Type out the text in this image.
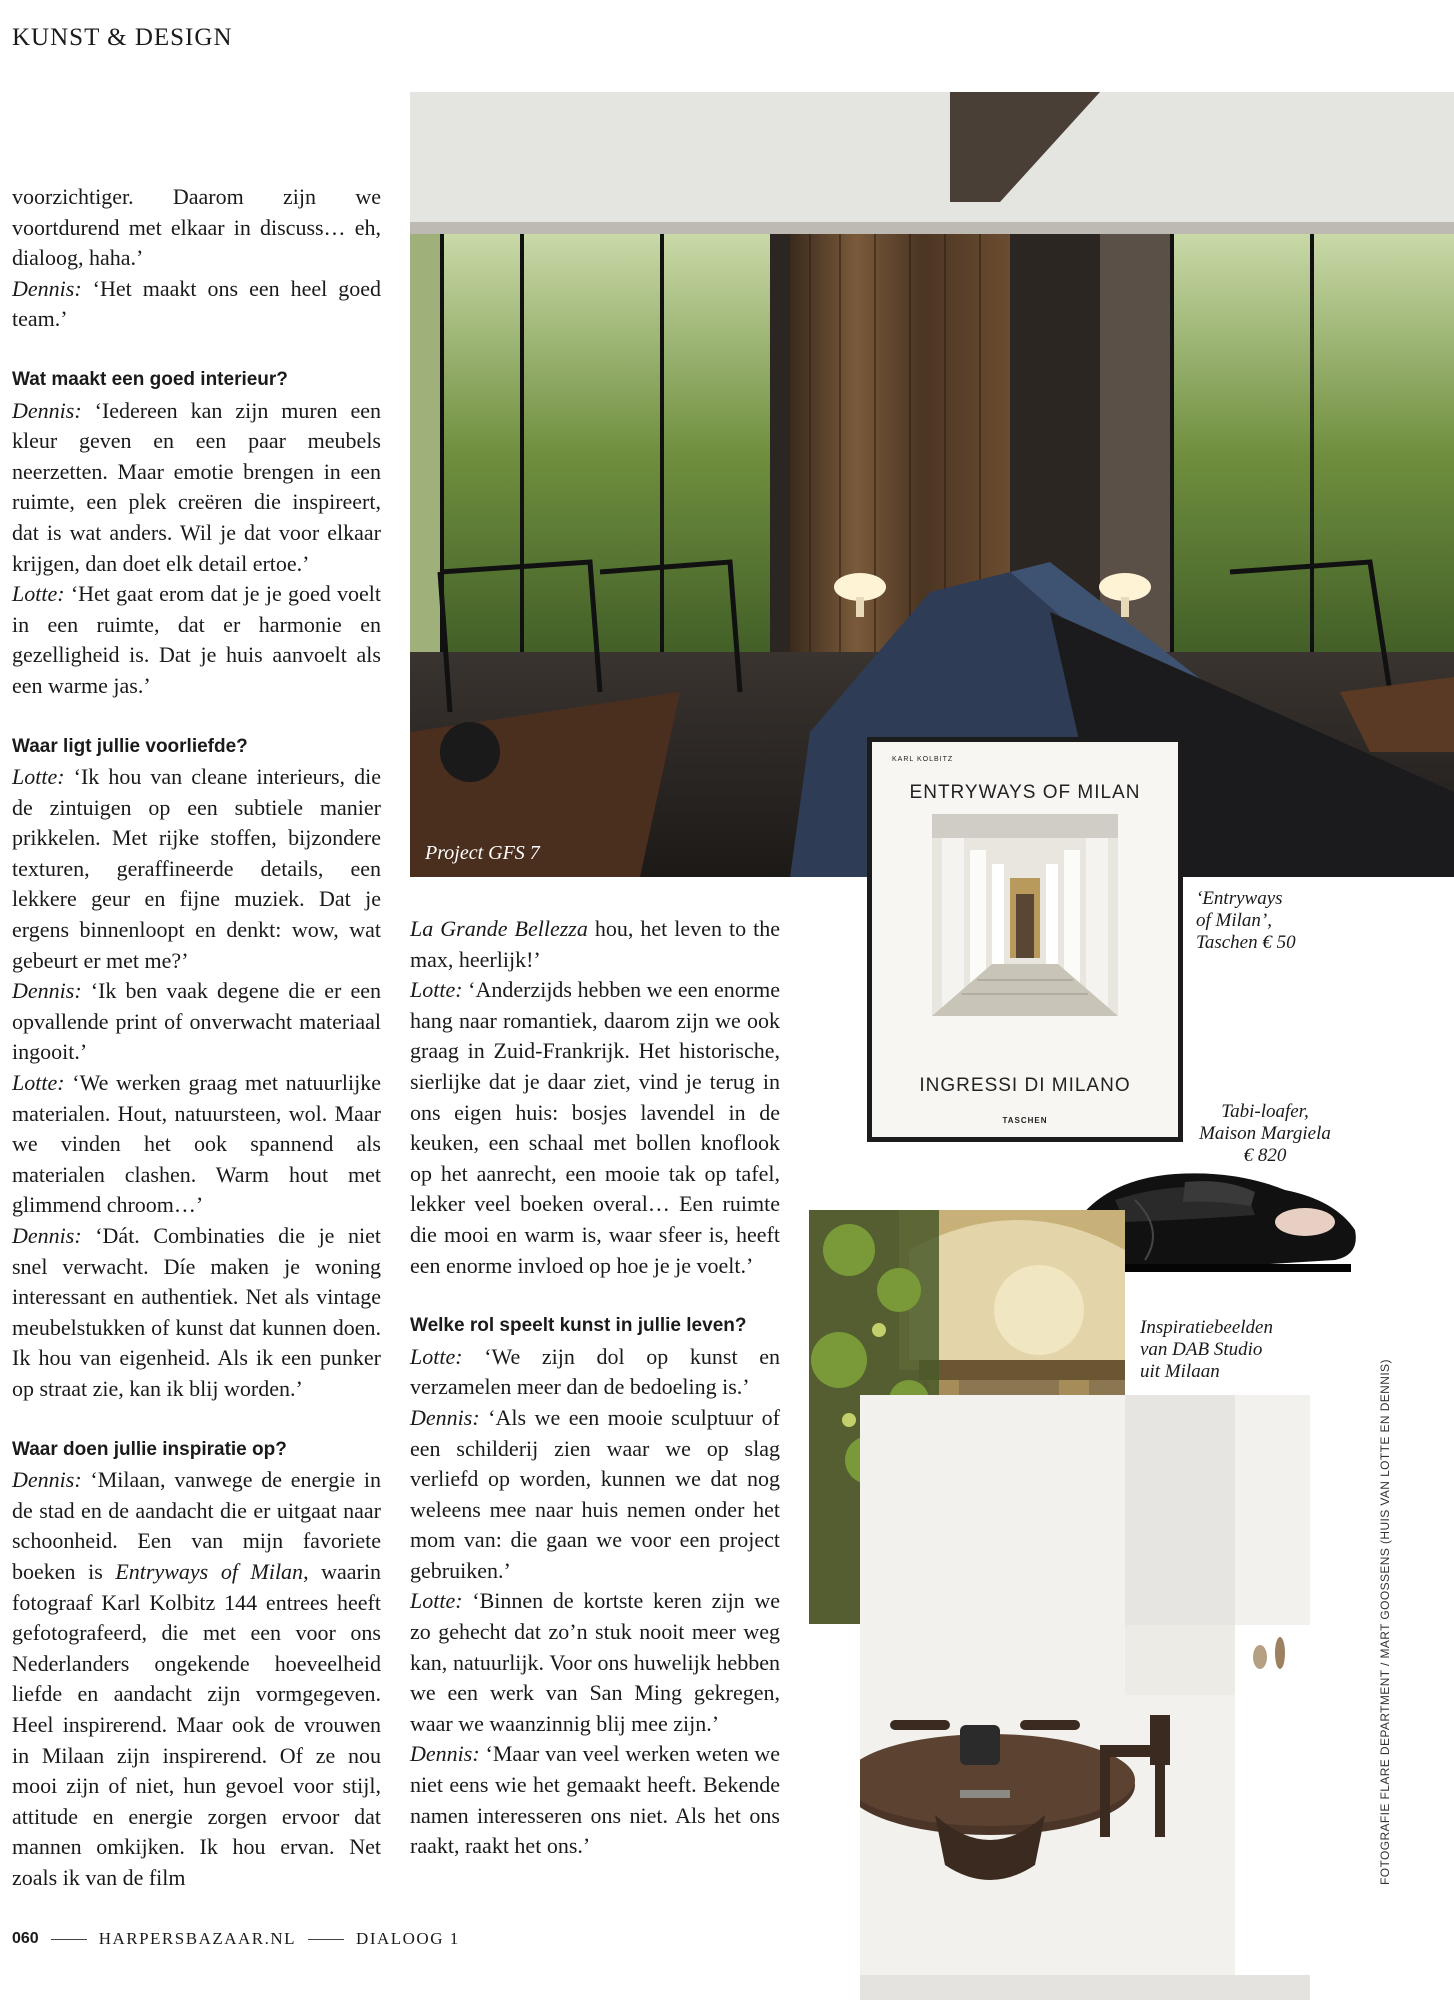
KUNST & DESIGN

voorzichtiger. Daarom zijn we voortdurend met elkaar in discuss… eh, dialoog, haha.’

Dennis: ‘Het maakt ons een heel goed team.’

Wat maakt een goed interieur?

Dennis: ‘Iedereen kan zijn muren een kleur geven en een paar meubels neerzetten. Maar emotie brengen in een ruimte, een plek creëren die inspireert, dat is wat anders. Wil je dat voor elkaar krijgen, dan doet elk detail ertoe.’

Lotte: ‘Het gaat erom dat je je goed voelt in een ruimte, dat er harmonie en gezelligheid is. Dat je huis aanvoelt als een warme jas.’

Waar ligt jullie voorliefde?

Lotte: ‘Ik hou van cleane interieurs, die de zintuigen op een subtiele manier prikkelen. Met rijke stoffen, bijzondere texturen, geraffineerde details, een lekkere geur en fijne muziek. Dat je ergens binnenloopt en denkt: wow, wat gebeurt er met me?’

Dennis: ‘Ik ben vaak degene die er een opvallende print of onverwacht materiaal ingooit.’

Lotte: ‘We werken graag met natuurlijke materialen. Hout, natuursteen, wol. Maar we vinden het ook spannend als materialen clashen. Warm hout met glimmend chroom…’

Dennis: ‘Dát. Combinaties die je niet snel verwacht. Díe maken je woning interessant en authentiek. Net als vintage meubelstukken of kunst dat kunnen doen. Ik hou van eigenheid. Als ik een punker op straat zie, kan ik blij worden.’

Waar doen jullie inspiratie op?

Dennis: ‘Milaan, vanwege de energie in de stad en de aandacht die er uitgaat naar schoonheid. Een van mijn favoriete boeken is Entryways of Milan, waarin fotograaf Karl Kolbitz 144 entrees heeft gefotografeerd, die met een voor ons Nederlanders ongekende hoeveelheid liefde en aandacht zijn vormgegeven. Heel inspirerend. Maar ook de vrouwen in Milaan zijn inspirerend. Of ze nou mooi zijn of niet, hun gevoel voor stijl, attitude en energie zorgen ervoor dat mannen omkijken. Ik hou ervan. Net zoals ik van de film

La Grande Bellezza hou, het leven to the max, heerlijk!’

Lotte: ‘Anderzijds hebben we een enorme hang naar romantiek, daarom zijn we ook graag in Zuid-Frankrijk. Het historische, sierlijke dat je daar ziet, vind je terug in ons eigen huis: bosjes lavendel in de keuken, een schaal met bollen knoflook op het aanrecht, een mooie tak op tafel, lekker veel boeken overal… Een ruimte die mooi en warm is, waar sfeer is, heeft een enorme invloed op hoe je je voelt.’

Welke rol speelt kunst in jullie leven?

Lotte: ‘We zijn dol op kunst en verzamelen meer dan de bedoeling is.’

Dennis: ‘Als we een mooie sculptuur of een schilderij zien waar we op slag verliefd op worden, kunnen we dat nog weleens mee naar huis nemen onder het mom van: die gaan we voor een project gebruiken.’

Lotte: ‘Binnen de kortste keren zijn we zo gehecht dat zo’n stuk nooit meer weg kan, natuurlijk. Voor ons huwelijk hebben we een werk van San Ming gekregen, waar we waanzinnig blij mee zijn.’

Dennis: ‘Maar van veel werken weten we niet eens wie het gemaakt heeft. Bekende namen interesseren ons niet. Als het ons raakt, raakt het ons.’

Project GFS 7
KARL KOLBITZ
ENTRYWAYS OF MILAN
INGRESSI DI MILANO
TASCHEN
‘Entryways
of Milan’,
Taschen € 50
Tabi-loafer,
Maison Margiela
€ 820
Inspiratiebeelden
van DAB Studio
uit Milaan	FOTOGRAFIE FLARE DEPARTMENT / MART GOOSSENS (HUIS VAN LOTTE EN DENNIS)
060	HARPERSBAZAAR.NL	DIALOOG 1
